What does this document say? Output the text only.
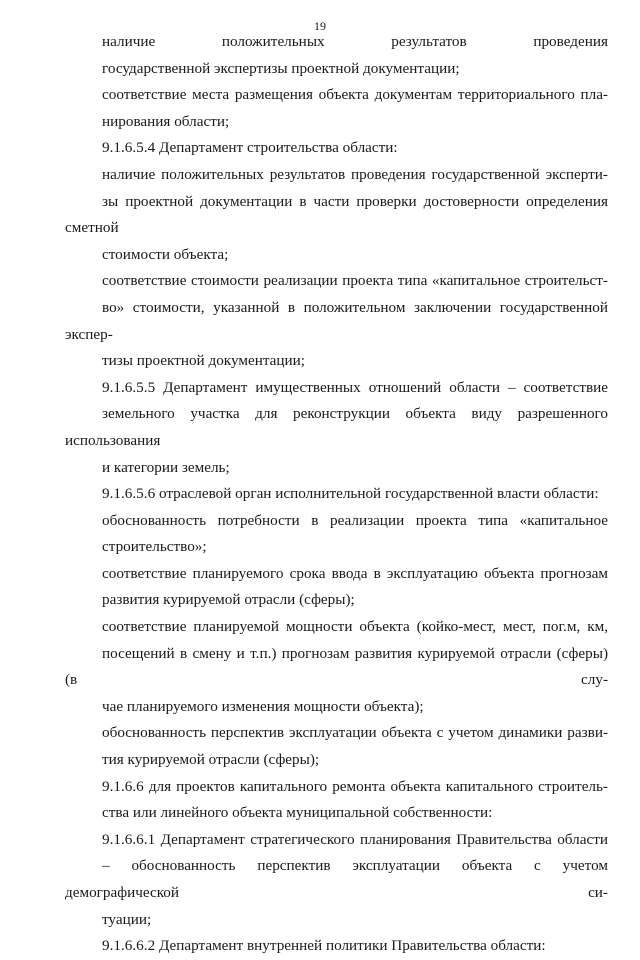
19
наличие положительных результатов проведения
государственной экспертизы проектной документации;
соответствие места размещения объекта документам территориального пла-
нирования области;
9.1.6.5.4 Департамент строительства области:
наличие положительных результатов проведения государственной эксперти-
зы проектной документации в части проверки достоверности определения сметной
стоимости объекта;
соответствие стоимости реализации проекта типа «капитальное строительст-
во» стоимости, указанной в положительном заключении государственной экспер-
тизы проектной документации;
9.1.6.5.5 Департамент имущественных отношений области – соответствие
земельного участка для реконструкции объекта виду разрешенного использования
и категории земель;
9.1.6.5.6 отраслевой орган исполнительной государственной власти области:
обоснованность потребности в реализации проекта типа «капитальное
строительство»;
соответствие планируемого срока ввода в эксплуатацию объекта прогнозам
развития курируемой отрасли (сферы);
соответствие планируемой мощности объекта (койко-мест, мест, пог.м, км,
посещений в смену и т.п.) прогнозам развития курируемой отрасли (сферы) (в слу-
чае планируемого изменения мощности объекта);
обоснованность перспектив эксплуатации объекта с учетом динамики разви-
тия курируемой отрасли (сферы);
9.1.6.6 для проектов капитального ремонта объекта капитального строитель-
ства или линейного объекта муниципальной собственности:
9.1.6.6.1 Департамент стратегического планирования Правительства области
– обоснованность перспектив эксплуатации объекта с учетом демографической си-
туации;
9.1.6.6.2 Департамент внутренней политики Правительства области:
